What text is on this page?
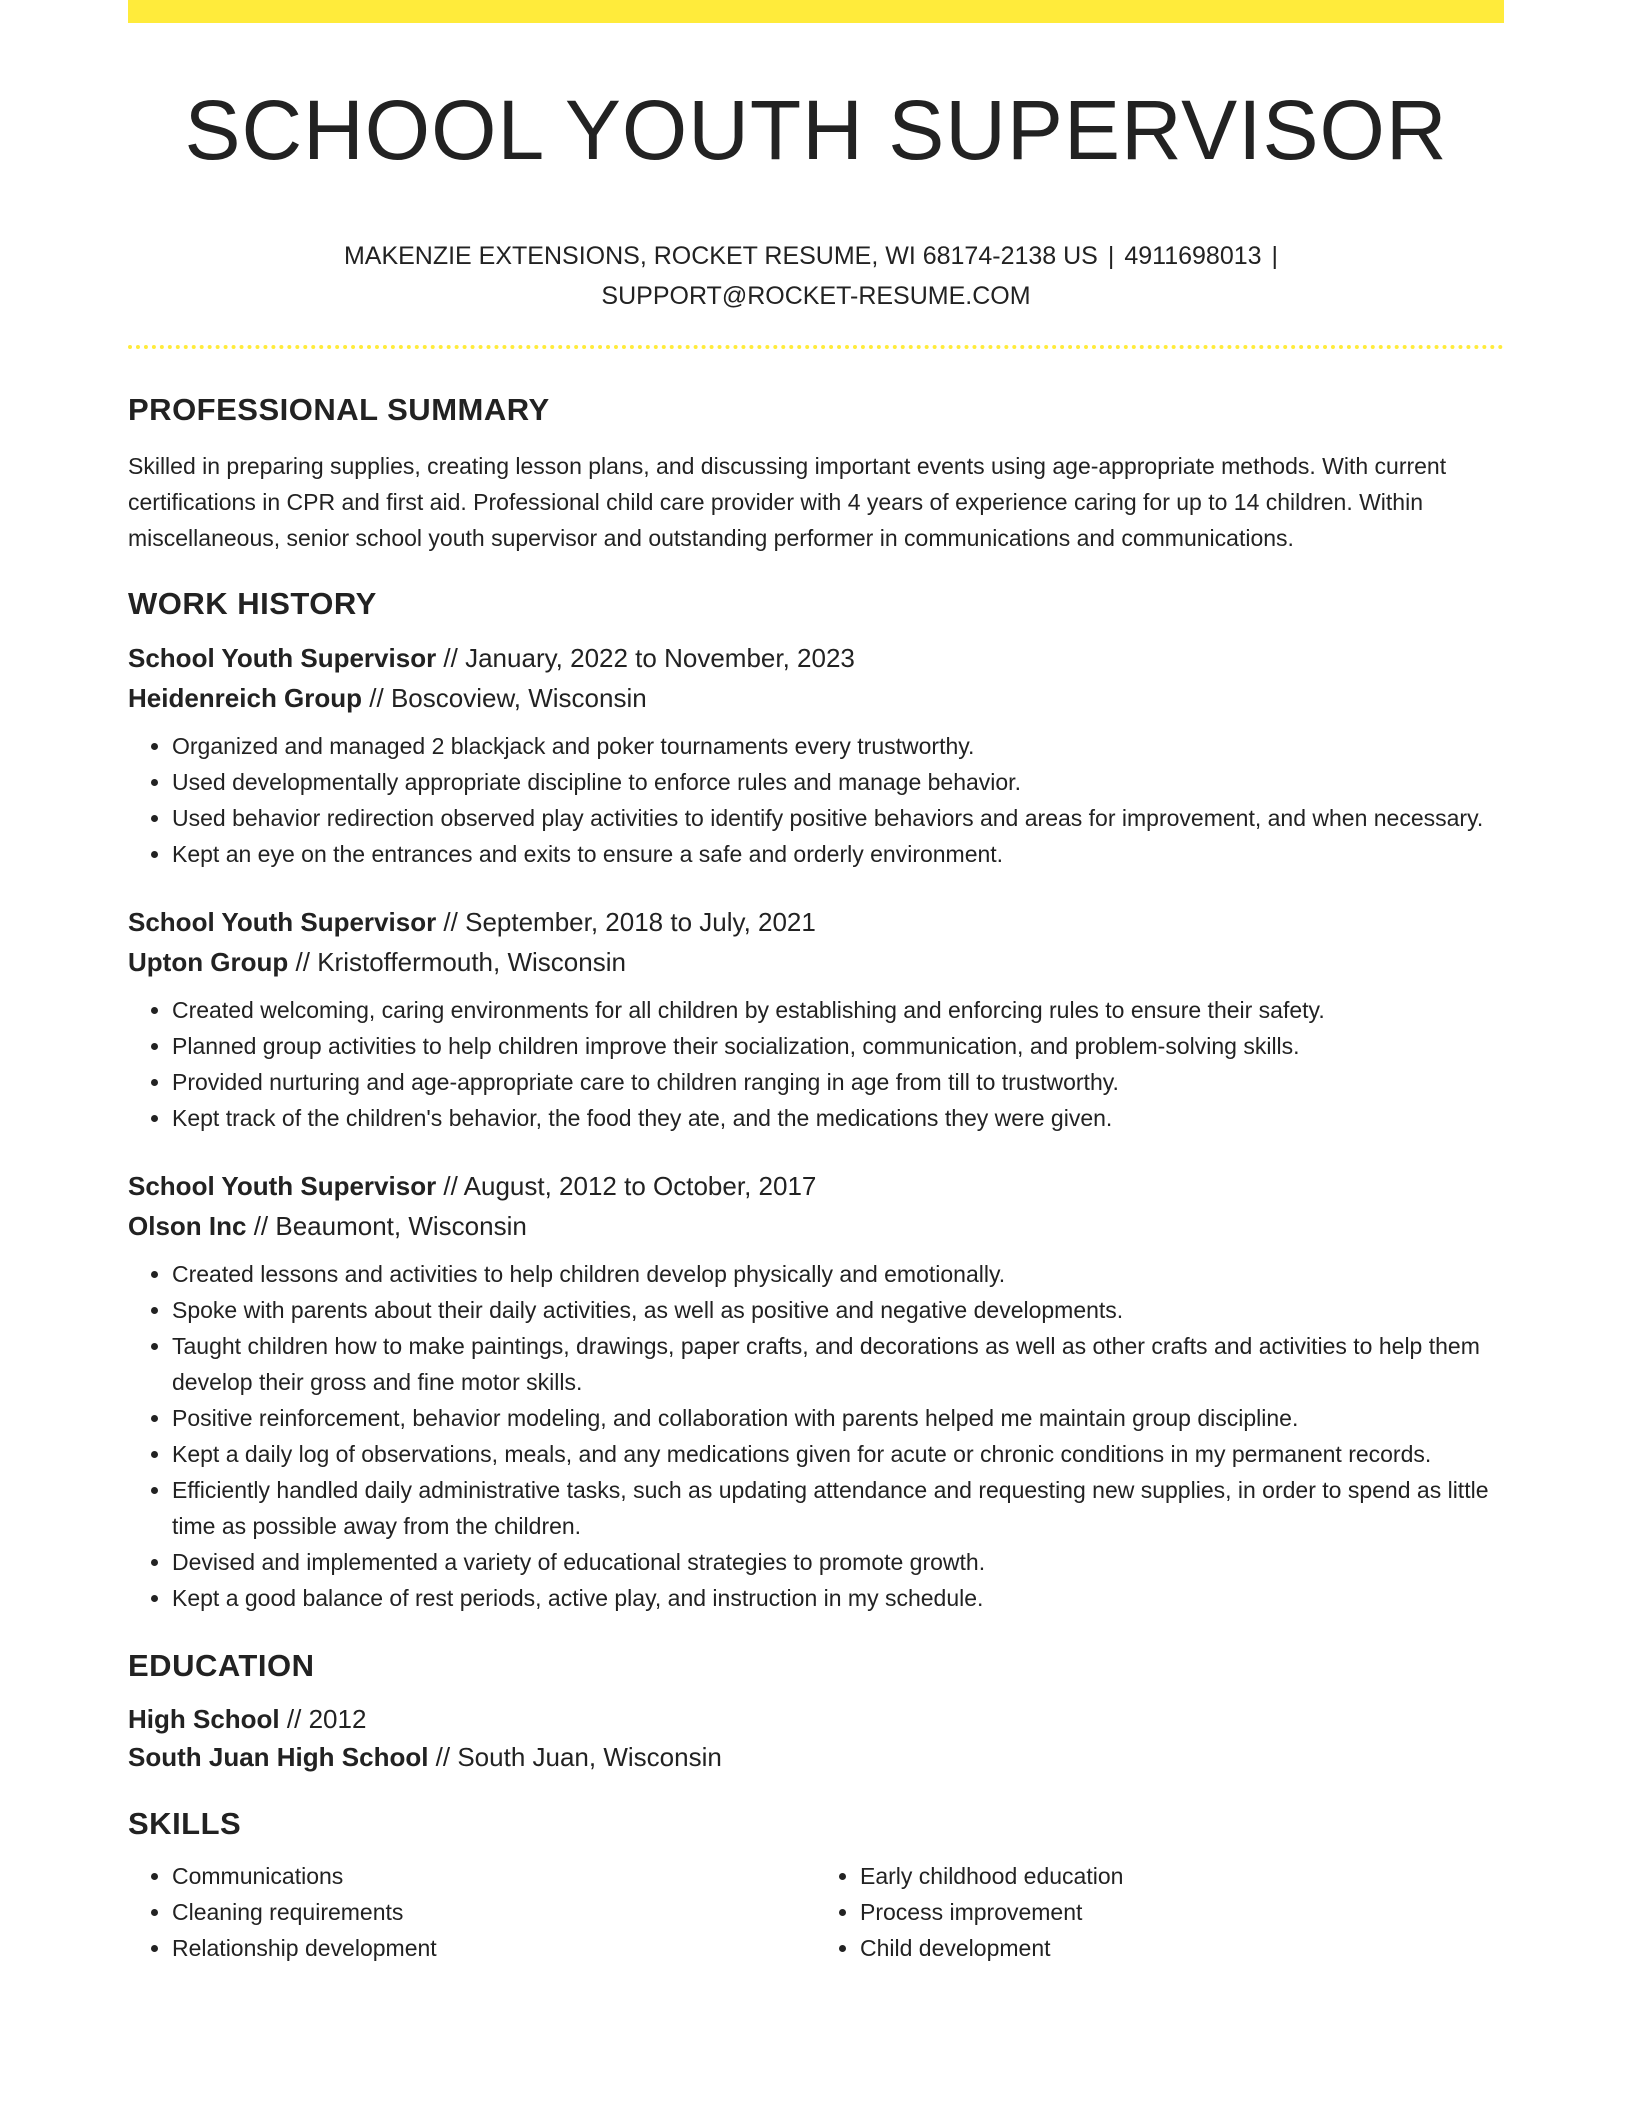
SCHOOL YOUTH SUPERVISOR
MAKENZIE EXTENSIONS, ROCKET RESUME, WI 68174-2138 US | 4911698013 |
SUPPORT@ROCKET-RESUME.COM
PROFESSIONAL SUMMARY

Skilled in preparing supplies, creating lesson plans, and discussing important events using age-appropriate methods. With current certifications in CPR and first aid. Professional child care provider with 4 years of experience caring for up to 14 children. Within miscellaneous, senior school youth supervisor and outstanding performer in communications and communications.

WORK HISTORY
School Youth Supervisor // January, 2022 to November, 2023
Heidenreich Group // Boscoview, Wisconsin
• Organized and managed 2 blackjack and poker tournaments every trustworthy.
• Used developmentally appropriate discipline to enforce rules and manage behavior.
• Used behavior redirection observed play activities to identify positive behaviors and areas for improvement, and when necessary.
• Kept an eye on the entrances and exits to ensure a safe and orderly environment.
School Youth Supervisor // September, 2018 to July, 2021
Upton Group // Kristoffermouth, Wisconsin
• Created welcoming, caring environments for all children by establishing and enforcing rules to ensure their safety.
• Planned group activities to help children improve their socialization, communication, and problem-solving skills.
• Provided nurturing and age-appropriate care to children ranging in age from till to trustworthy.
• Kept track of the children's behavior, the food they ate, and the medications they were given.
School Youth Supervisor // August, 2012 to October, 2017
Olson Inc // Beaumont, Wisconsin
• Created lessons and activities to help children develop physically and emotionally.
• Spoke with parents about their daily activities, as well as positive and negative developments.
• Taught children how to make paintings, drawings, paper crafts, and decorations as well as other crafts and activities to help them develop their gross and fine motor skills.
• Positive reinforcement, behavior modeling, and collaboration with parents helped me maintain group discipline.
• Kept a daily log of observations, meals, and any medications given for acute or chronic conditions in my permanent records.
• Efficiently handled daily administrative tasks, such as updating attendance and requesting new supplies, in order to spend as little time as possible away from the children.
• Devised and implemented a variety of educational strategies to promote growth.
• Kept a good balance of rest periods, active play, and instruction in my schedule.
EDUCATION
High School // 2012
South Juan High School // South Juan, Wisconsin
SKILLS
• Communications
• Cleaning requirements
• Relationship development
• Early childhood education
• Process improvement
• Child development
